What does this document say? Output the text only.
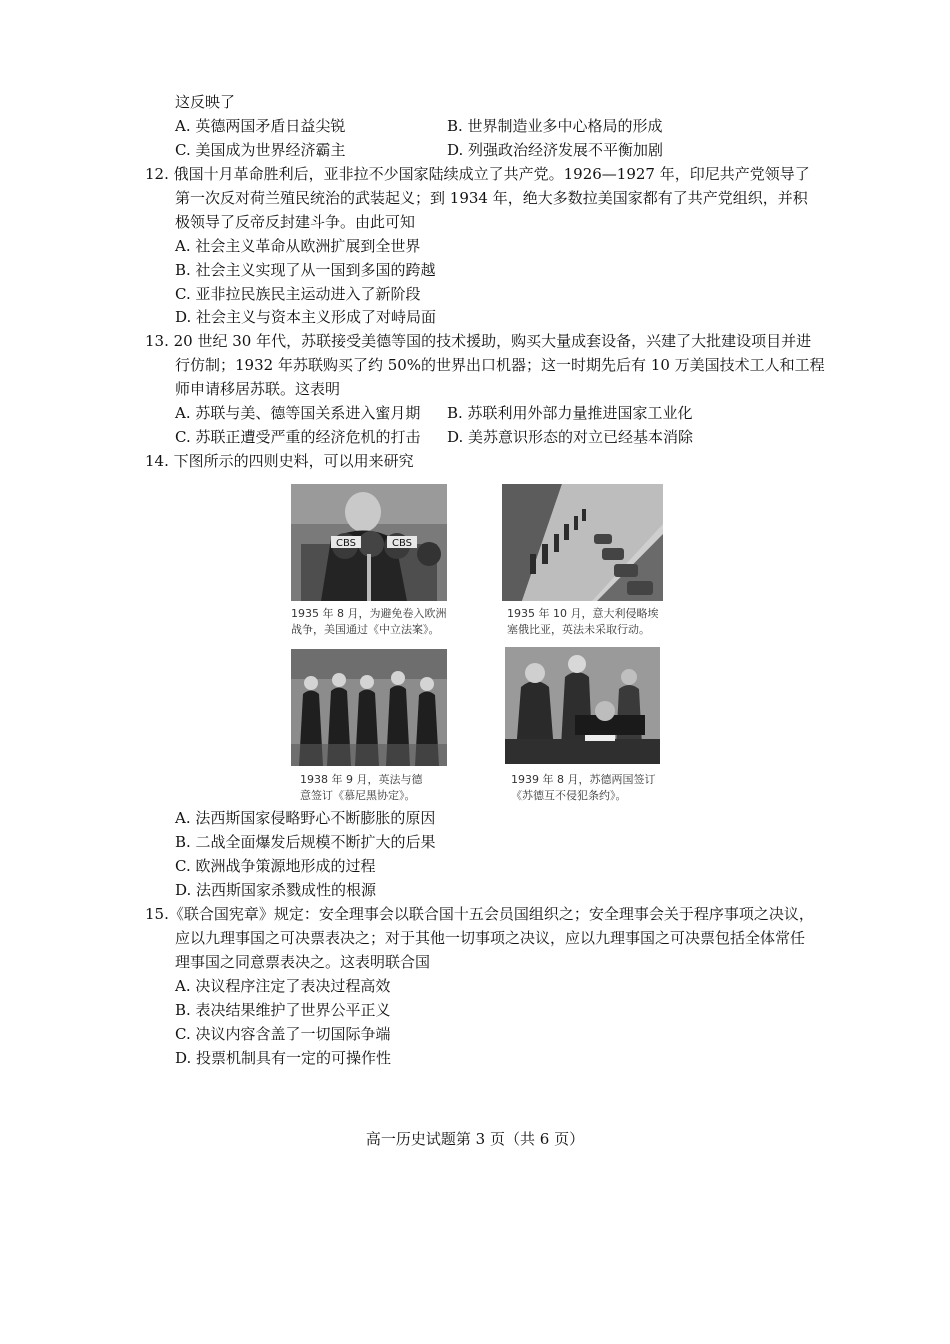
这反映了
A. 英德两国矛盾日益尖锐	B. 世界制造业多中心格局的形成
C. 美国成为世界经济霸主	D. 列强政治经济发展不平衡加剧
12. 俄国十月革命胜利后，亚非拉不少国家陆续成立了共产党。1926—1927 年，印尼共产党领导了
第一次反对荷兰殖民统治的武装起义；到 1934 年，绝大多数拉美国家都有了共产党组织，并积
极领导了反帝反封建斗争。由此可知
A. 社会主义革命从欧洲扩展到全世界
B. 社会主义实现了从一国到多国的跨越
C. 亚非拉民族民主运动进入了新阶段
D. 社会主义与资本主义形成了对峙局面
13. 20 世纪 30 年代，苏联接受美德等国的技术援助，购买大量成套设备，兴建了大批建设项目并进
行仿制；1932 年苏联购买了约 50%的世界出口机器；这一时期先后有 10 万美国技术工人和工程
师申请移居苏联。这表明
A. 苏联与美、德等国关系进入蜜月期 B. 苏联利用外部力量推进国家工业化
C. 苏联正遭受严重的经济危机的打击 D. 美苏意识形态的对立已经基本消除
14. 下图所示的四则史料，可以用来研究
CBS	CBS
1935 年 8 月，为避免卷入欧洲
战争，美国通过《中立法案》。
1935 年 10 月，意大利侵略埃
塞俄比亚，英法未采取行动。
1938 年 9 月，英法与德
意签订《慕尼黑协定》。
1939 年 8 月，苏德两国签订
《苏德互不侵犯条约》。
A. 法西斯国家侵略野心不断膨胀的原因
B. 二战全面爆发后规模不断扩大的后果
C. 欧洲战争策源地形成的过程
D. 法西斯国家杀戮成性的根源
15.《联合国宪章》规定：安全理事会以联合国十五会员国组织之；安全理事会关于程序事项之决议，
应以九理事国之可决票表决之；对于其他一切事项之决议，应以九理事国之可决票包括全体常任
理事国之同意票表决之。这表明联合国
A. 决议程序注定了表决过程高效
B. 表决结果维护了世界公平正义
C. 决议内容含盖了一切国际争端
D. 投票机制具有一定的可操作性
高一历史试题第 3 页（共 6 页）
